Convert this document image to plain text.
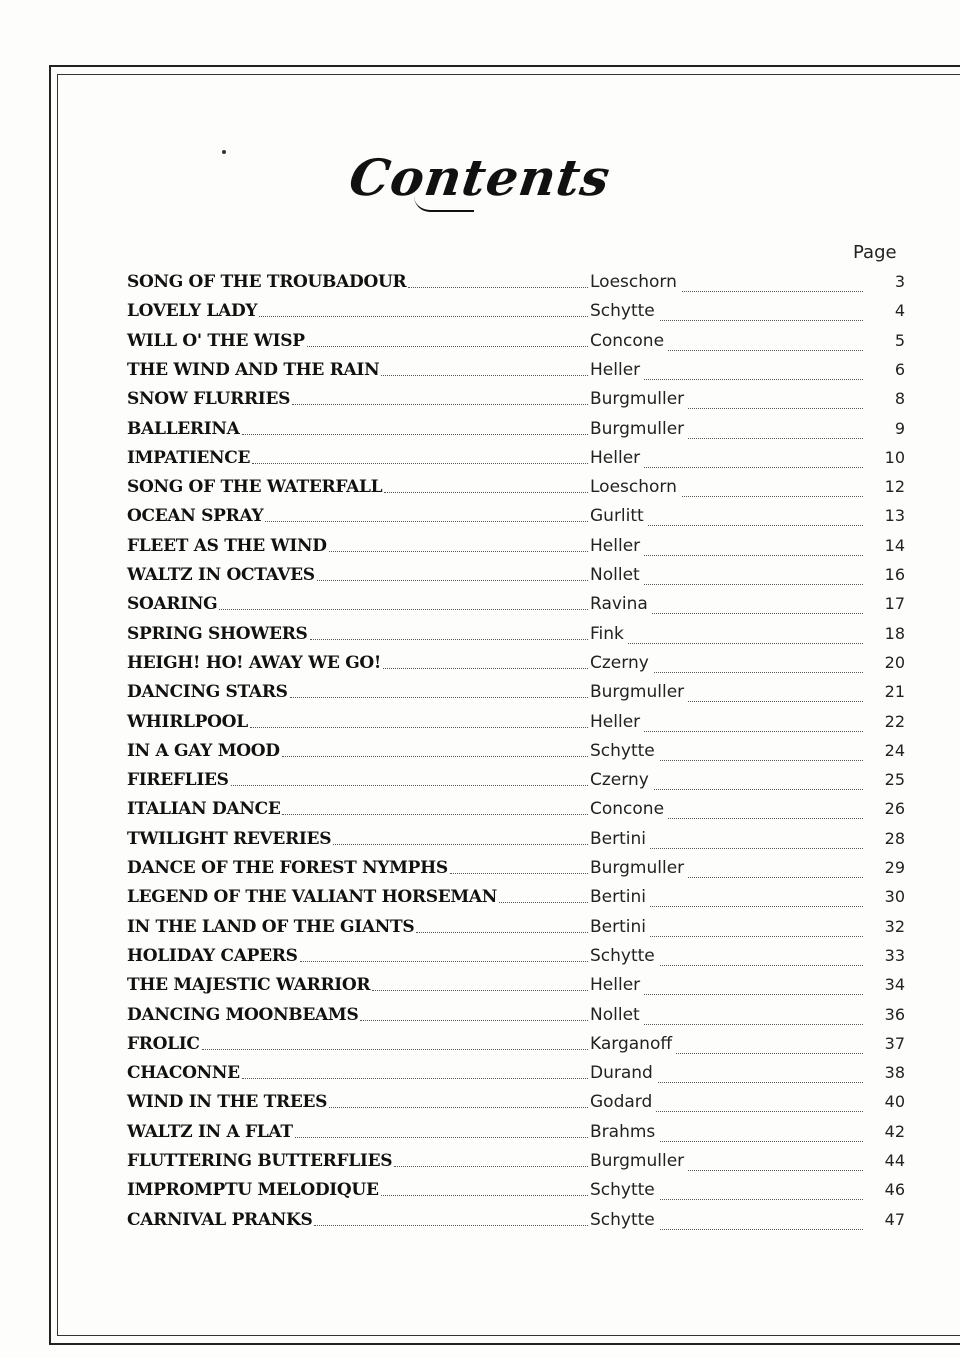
Contents
Page
SONG OF THE TROUBADOUR	Loeschorn	3
LOVELY LADY	Schytte	4
WILL O' THE WISP	Concone	5
THE WIND AND THE RAIN	Heller	6
SNOW FLURRIES	Burgmuller	8
BALLERINA	Burgmuller	9
IMPATIENCE	Heller	10
SONG OF THE WATERFALL	Loeschorn	12
OCEAN SPRAY	Gurlitt	13
FLEET AS THE WIND	Heller	14
WALTZ IN OCTAVES	Nollet	16
SOARING	Ravina	17
SPRING SHOWERS	Fink	18
HEIGH! HO! AWAY WE GO!	Czerny	20
DANCING STARS	Burgmuller	21
WHIRLPOOL	Heller	22
IN A GAY MOOD	Schytte	24
FIREFLIES	Czerny	25
ITALIAN DANCE	Concone	26
TWILIGHT REVERIES	Bertini	28
DANCE OF THE FOREST NYMPHS	Burgmuller	29
LEGEND OF THE VALIANT HORSEMAN	Bertini	30
IN THE LAND OF THE GIANTS	Bertini	32
HOLIDAY CAPERS	Schytte	33
THE MAJESTIC WARRIOR	Heller	34
DANCING MOONBEAMS	Nollet	36
FROLIC	Karganoff	37
CHACONNE	Durand	38
WIND IN THE TREES	Godard	40
WALTZ IN A FLAT	Brahms	42
FLUTTERING BUTTERFLIES	Burgmuller	44
IMPROMPTU MELODIQUE	Schytte	46
CARNIVAL PRANKS	Schytte	47
